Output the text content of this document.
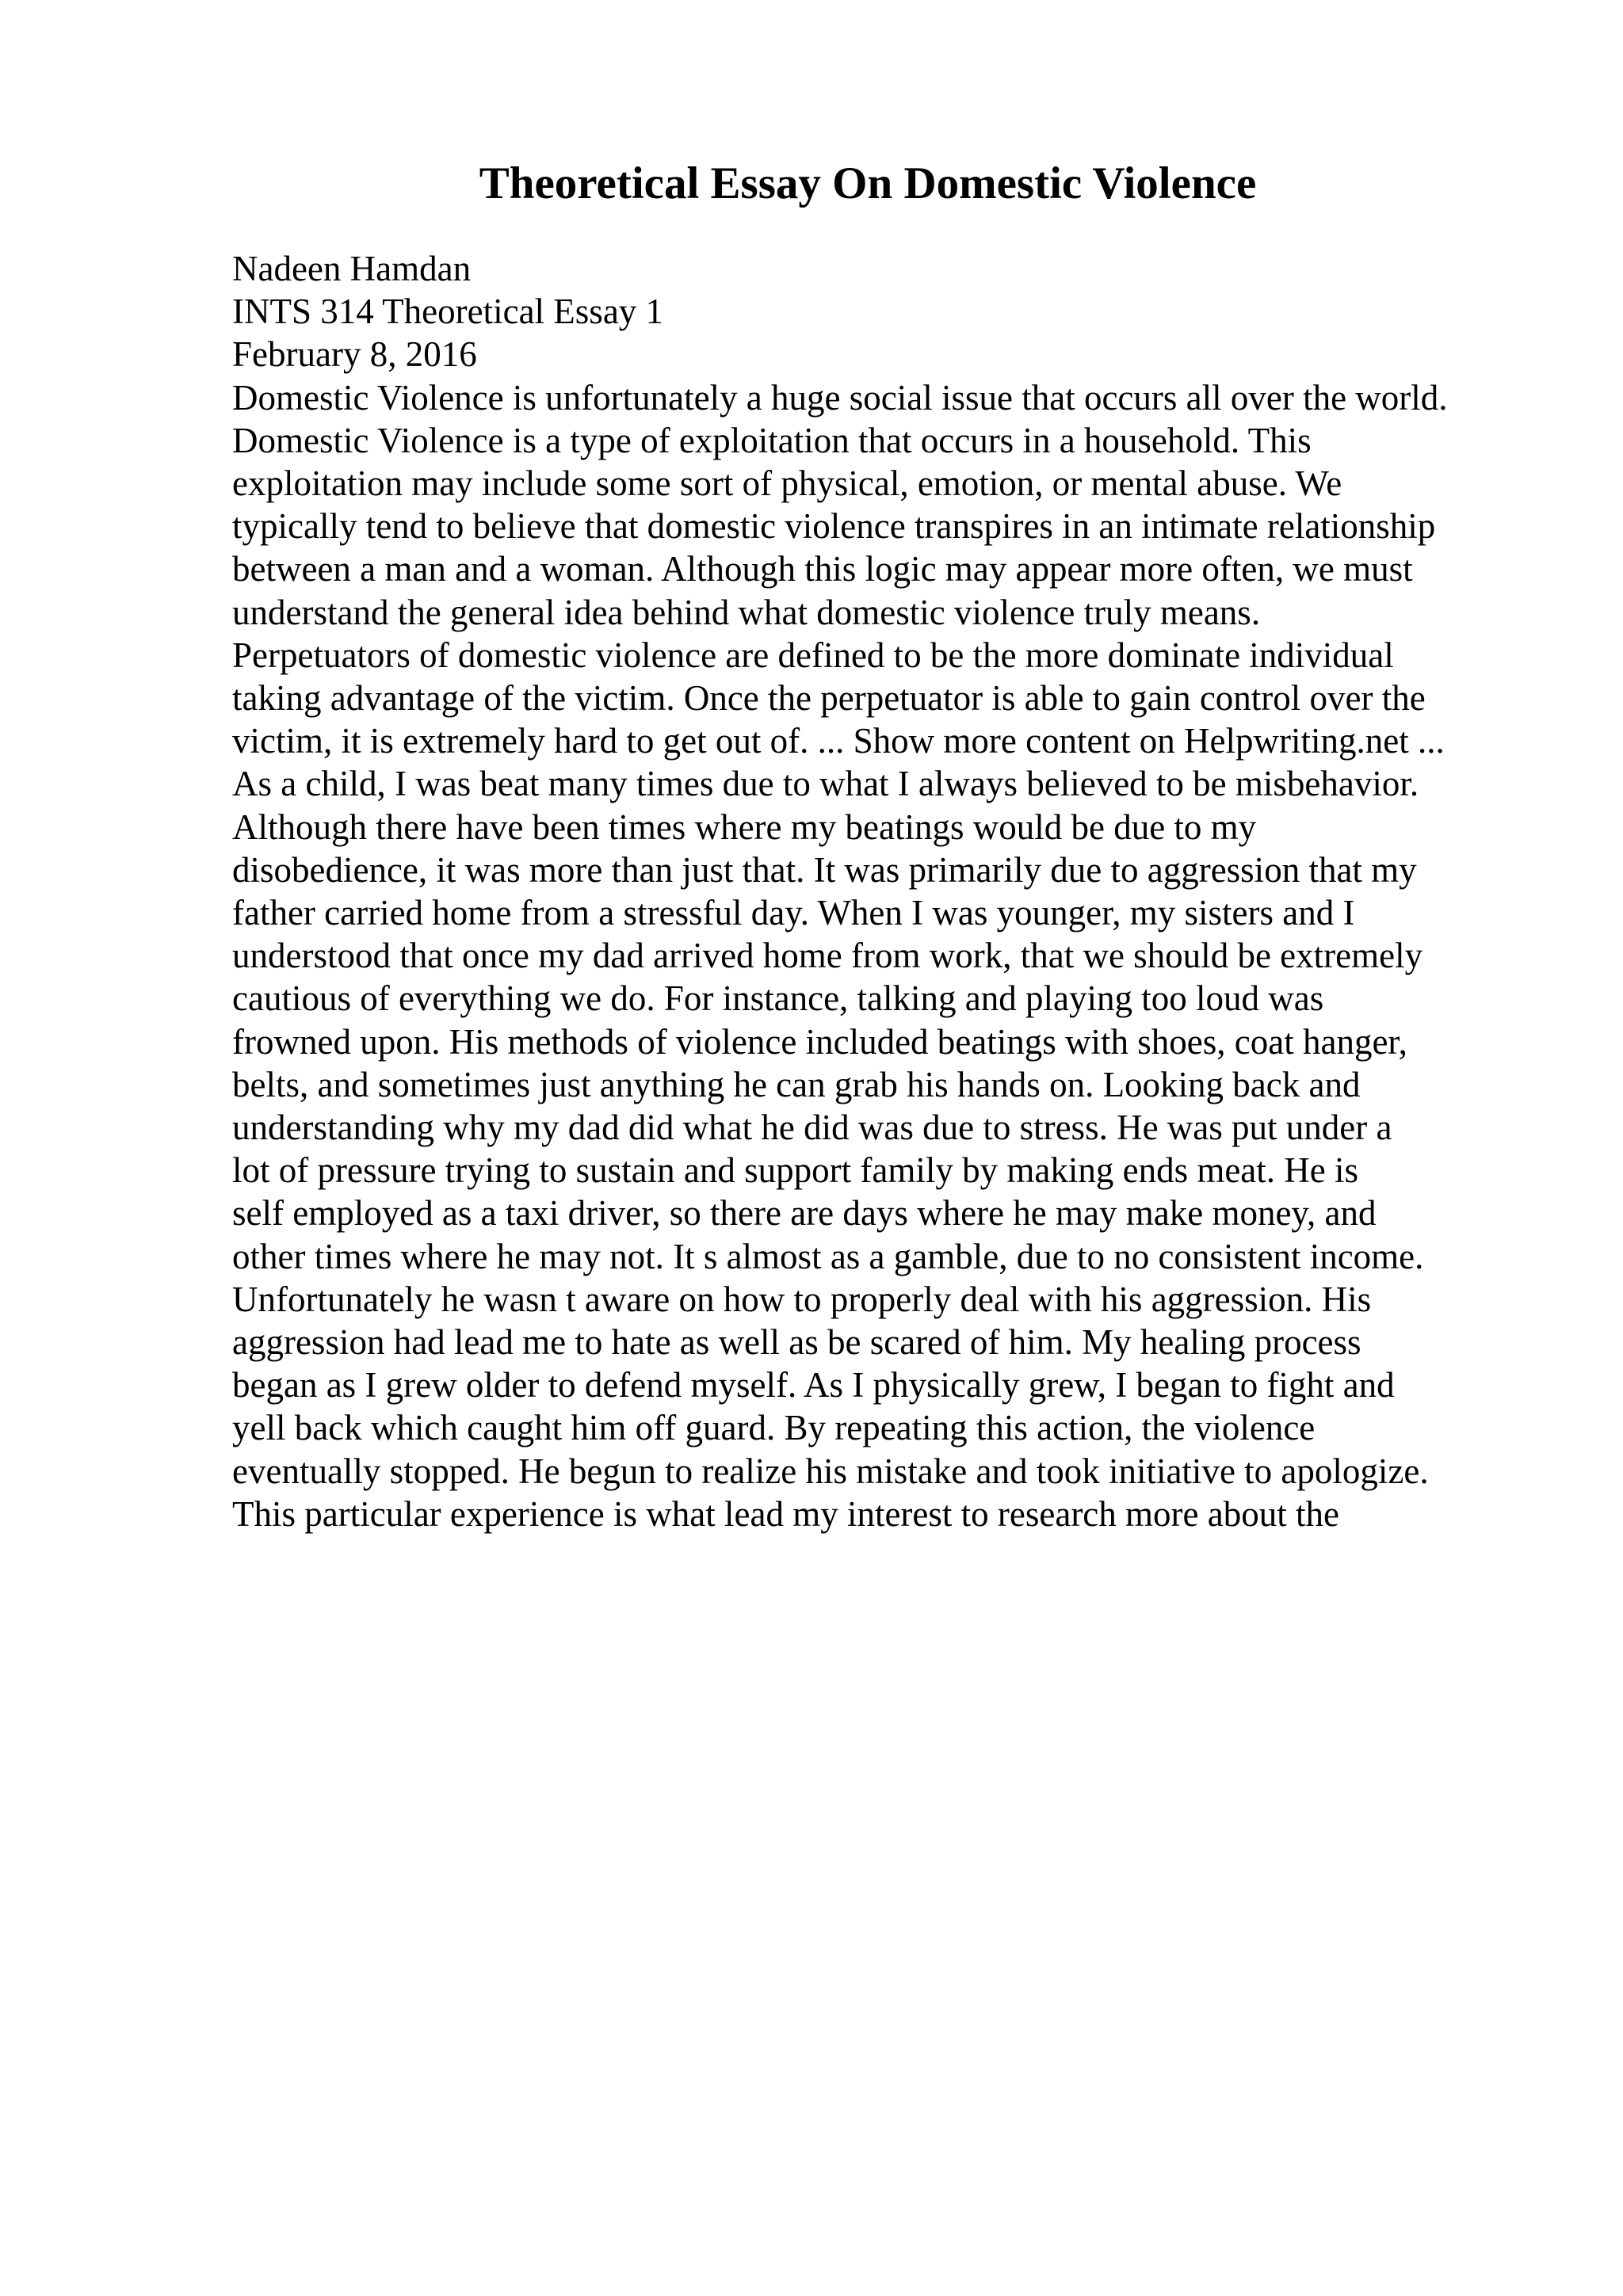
Theoretical Essay On Domestic Violence
Nadeen Hamdan
INTS 314 Theoretical Essay 1
February 8, 2016
Domestic Violence is unfortunately a huge social issue that occurs all over the world.
Domestic Violence is a type of exploitation that occurs in a household. This
exploitation may include some sort of physical, emotion, or mental abuse. We
typically tend to believe that domestic violence transpires in an intimate relationship
between a man and a woman. Although this logic may appear more often, we must
understand the general idea behind what domestic violence truly means.
Perpetuators of domestic violence are defined to be the more dominate individual
taking advantage of the victim. Once the perpetuator is able to gain control over the
victim, it is extremely hard to get out of. ... Show more content on Helpwriting.net ...
As a child, I was beat many times due to what I always believed to be misbehavior.
Although there have been times where my beatings would be due to my
disobedience, it was more than just that. It was primarily due to aggression that my
father carried home from a stressful day. When I was younger, my sisters and I
understood that once my dad arrived home from work, that we should be extremely
cautious of everything we do. For instance, talking and playing too loud was
frowned upon. His methods of violence included beatings with shoes, coat hanger,
belts, and sometimes just anything he can grab his hands on. Looking back and
understanding why my dad did what he did was due to stress. He was put under a
lot of pressure trying to sustain and support family by making ends meat. He is
self employed as a taxi driver, so there are days where he may make money, and
other times where he may not. It s almost as a gamble, due to no consistent income.
Unfortunately he wasn t aware on how to properly deal with his aggression. His
aggression had lead me to hate as well as be scared of him. My healing process
began as I grew older to defend myself. As I physically grew, I began to fight and
yell back which caught him off guard. By repeating this action, the violence
eventually stopped. He begun to realize his mistake and took initiative to apologize.
This particular experience is what lead my interest to research more about the
